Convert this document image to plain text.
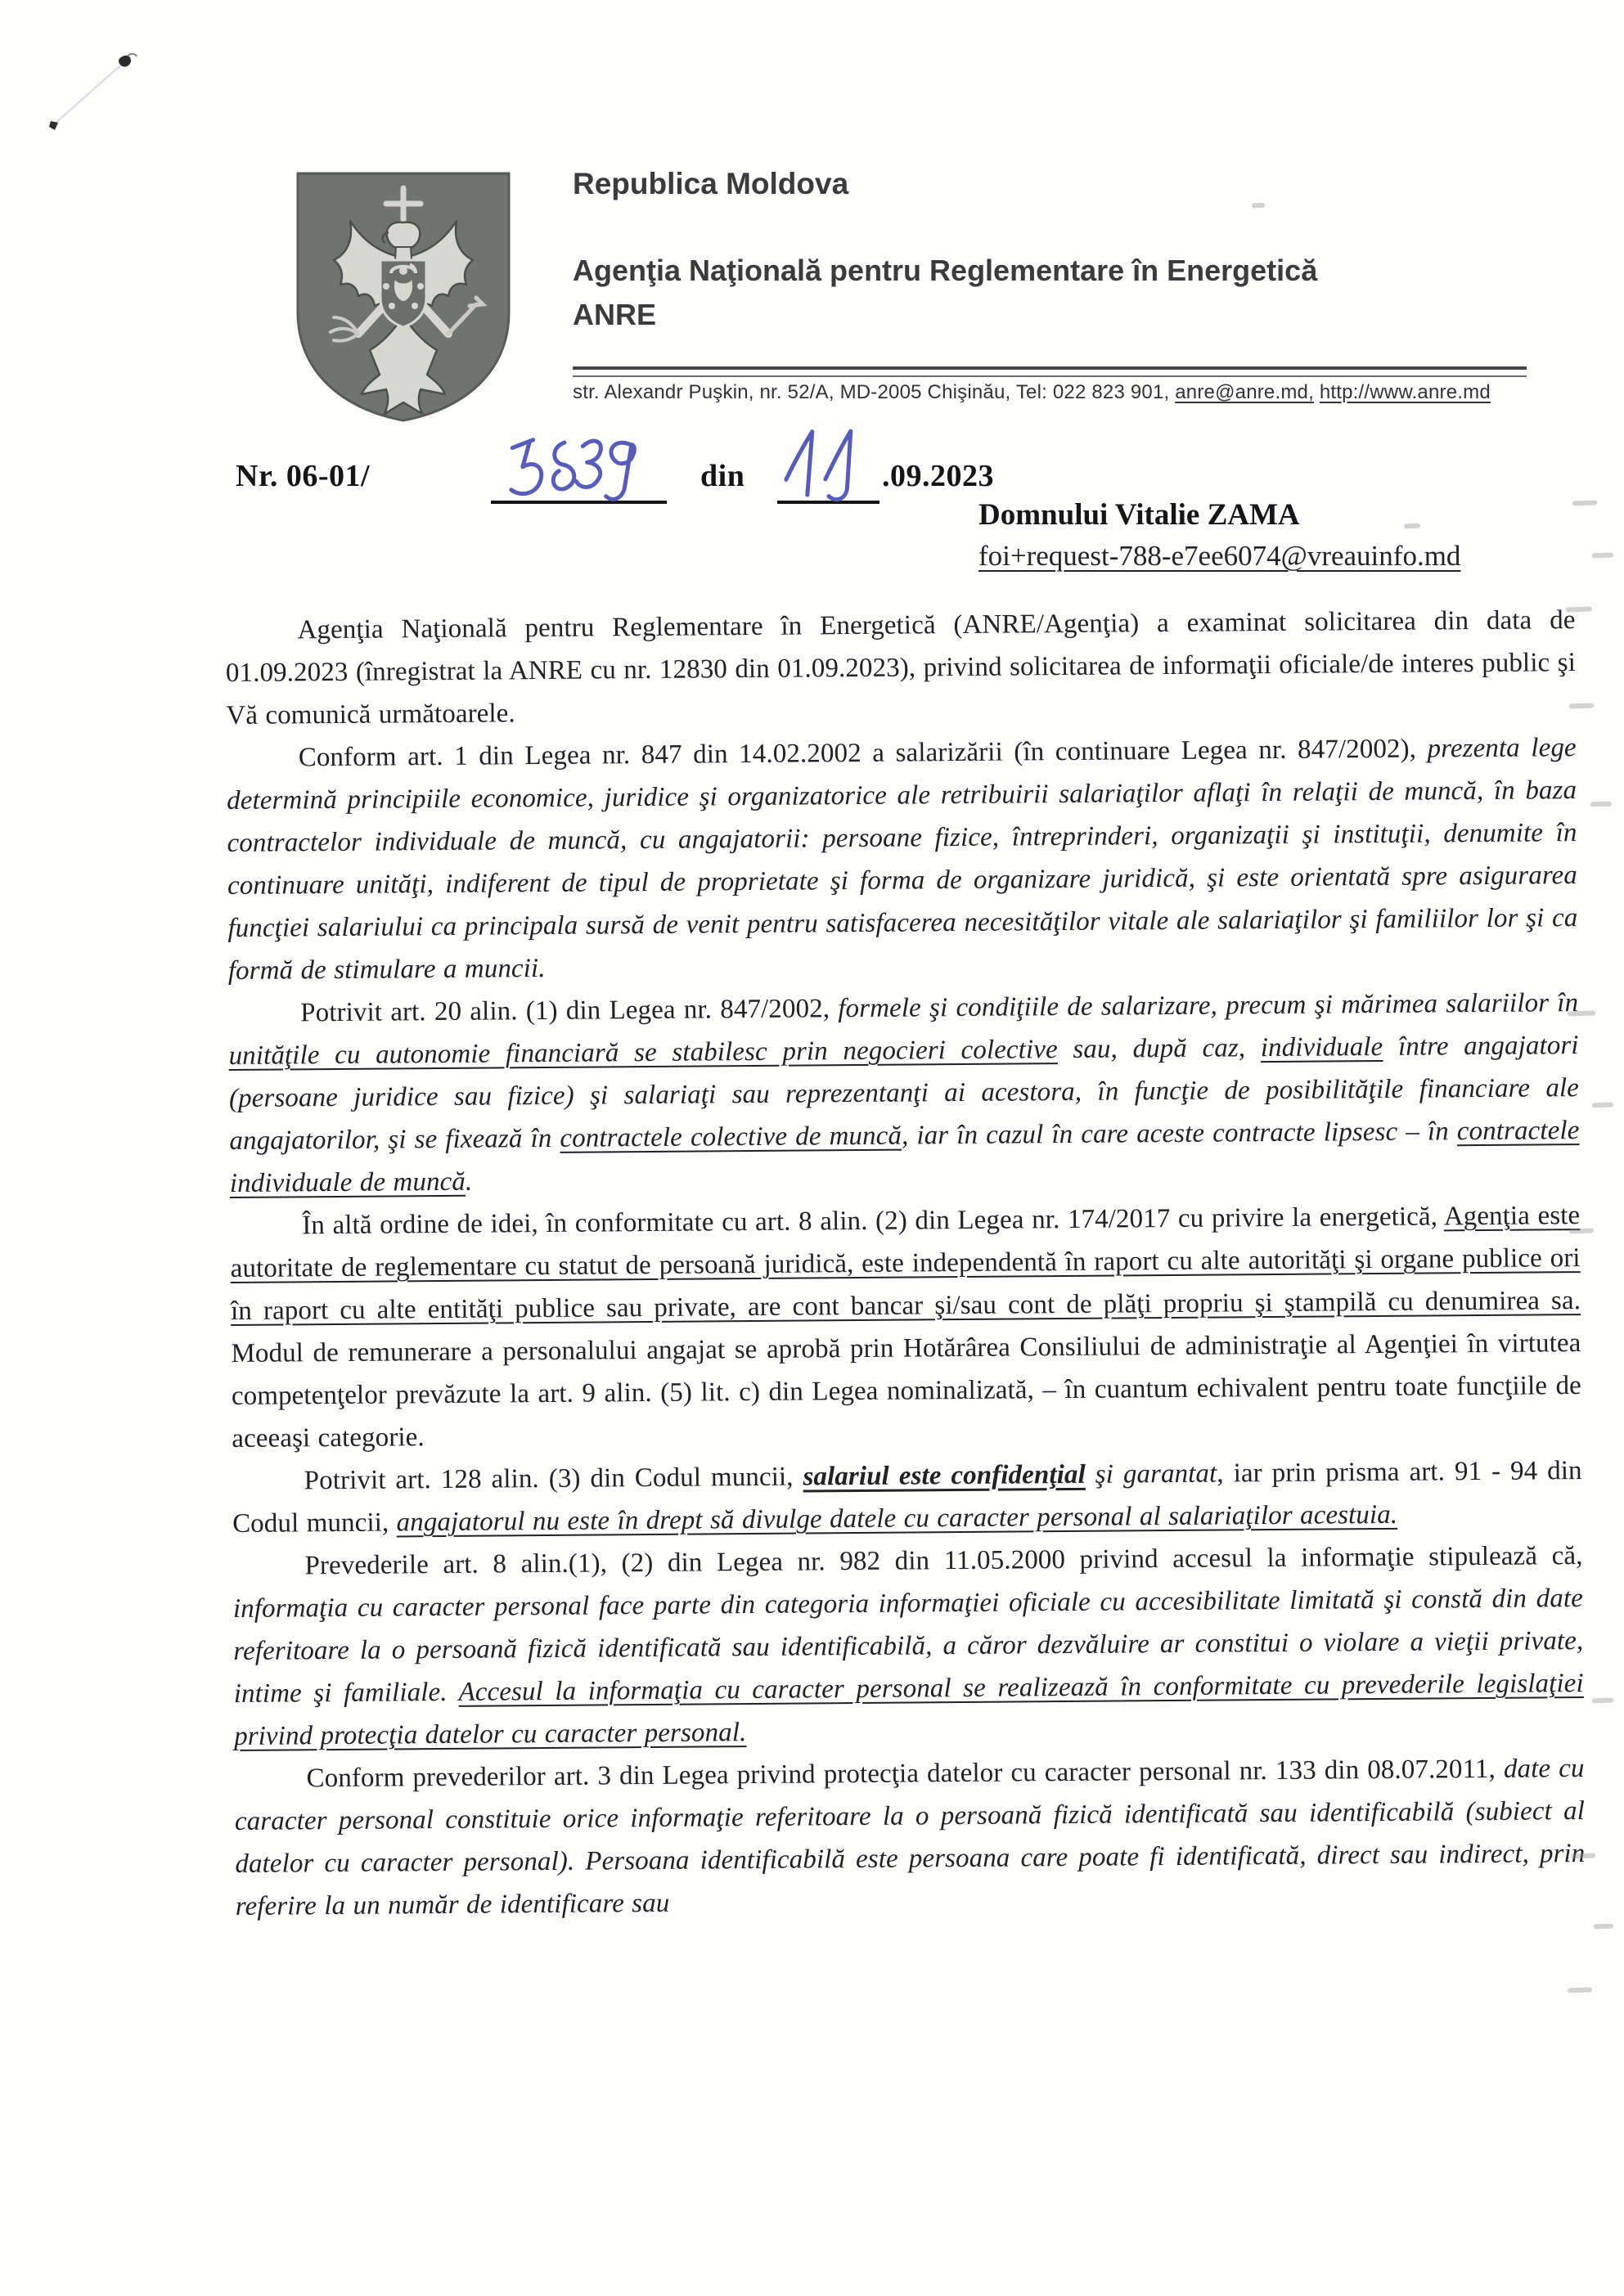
Republica Moldova
Agenţia Naţională pentru Reglementare în Energetică
ANRE
str. Alexandr Puşkin, nr. 52/A, MD-2005 Chişinău, Tel: 022 823 901, anre@anre.md, http://www.anre.md
Nr. 06-01/	din	.09.2023
Domnului Vitalie ZAMA
foi+request-788-e7ee6074@vreauinfo.md

Agenţia Naţională pentru Reglementare în Energetică (ANRE/Agenţia) a examinat solicitarea din data de 01.09.2023 (înregistrat la ANRE cu nr. 12830 din 01.09.2023), privind solicitarea de informaţii oficiale/de interes public şi Vă comunică următoarele.

Conform art. 1 din Legea nr. 847 din 14.02.2002 a salarizării (în continuare Legea nr. 847/2002), prezenta lege determină principiile economice, juridice şi organizatorice ale retribuirii salariaţilor aflaţi în relaţii de muncă, în baza contractelor individuale de muncă, cu angajatorii: persoane fizice, întreprinderi, organizaţii şi instituţii, denumite în continuare unităţi, indiferent de tipul de proprietate şi forma de organizare juridică, şi este orientată spre asigurarea funcţiei salariului ca principala sursă de venit pentru satisfacerea necesităţilor vitale ale salariaţilor şi familiilor lor şi ca formă de stimulare a muncii.

Potrivit art. 20 alin. (1) din Legea nr. 847/2002, formele şi condiţiile de salarizare, precum şi mărimea salariilor în unităţile cu autonomie financiară se stabilesc prin negocieri colective sau, după caz, individuale între angajatori (persoane juridice sau fizice) şi salariaţi sau reprezentanţi ai acestora, în funcţie de posibilităţile financiare ale angajatorilor, şi se fixează în contractele colective de muncă, iar în cazul în care aceste contracte lipsesc – în contractele individuale de muncă.

În altă ordine de idei, în conformitate cu art. 8 alin. (2) din Legea nr. 174/2017 cu privire la energetică, Agenţia este autoritate de reglementare cu statut de persoană juridică, este independentă în raport cu alte autorităţi şi organe publice ori în raport cu alte entităţi publice sau private, are cont bancar şi/sau cont de plăţi propriu şi ştampilă cu denumirea sa. Modul de remunerare a personalului angajat se aprobă prin Hotărârea Consiliului de administraţie al Agenţiei în virtutea competenţelor prevăzute la art. 9 alin. (5) lit. c) din Legea nominalizată, – în cuantum echivalent pentru toate funcţiile de aceeaşi categorie.

Potrivit art. 128 alin. (3) din Codul muncii, salariul este confidenţial şi garantat, iar prin prisma art. 91 - 94 din Codul muncii, angajatorul nu este în drept să divulge datele cu caracter personal al salariaţilor acestuia.

Prevederile art. 8 alin.(1), (2) din Legea nr. 982 din 11.05.2000 privind accesul la informaţie stipulează că, informaţia cu caracter personal face parte din categoria informaţiei oficiale cu accesibilitate limitată şi constă din date referitoare la o persoană fizică identificată sau identificabilă, a căror dezvăluire ar constitui o violare a vieţii private, intime şi familiale. Accesul la informaţia cu caracter personal se realizează în conformitate cu prevederile legislaţiei privind protecţia datelor cu caracter personal.

Conform prevederilor art. 3 din Legea privind protecţia datelor cu caracter personal nr. 133 din 08.07.2011, date cu caracter personal constituie orice informaţie referitoare la o persoană fizică identificată sau identificabilă (subiect al datelor cu caracter personal). Persoana identificabilă este persoana care poate fi identificată, direct sau indirect, prin referire la un număr de identificare sau
